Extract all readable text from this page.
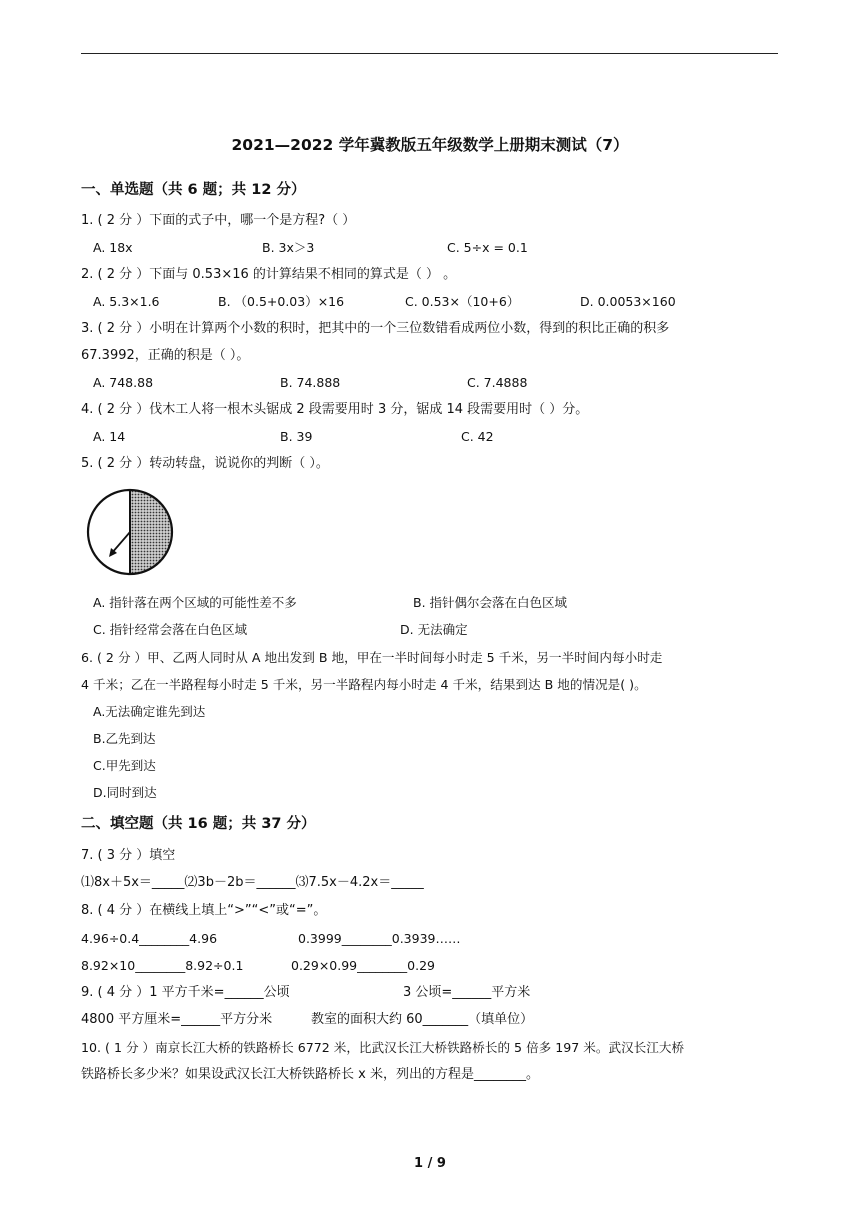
2021—2022 学年冀教版五年级数学上册期末测试（7）
一、单选题（共 6 题；共 12 分）
1. ( 2 分 ）下面的式子中，哪一个是方程?（ ）
A. 18x	B. 3x＞3	C. 5÷x = 0.1
2. ( 2 分 ）下面与 0.53×16 的计算结果不相同的算式是（ ） 。
A. 5.3×1.6	B. （0.5+0.03）×16	C. 0.53×（10+6）	D. 0.0053×160
3. ( 2 分 ）小明在计算两个小数的积时，把其中的一个三位数错看成两位小数，得到的积比正确的积多
67.3992，正确的积是（ ）。
A. 748.88	B. 74.888	C. 7.4888
4. ( 2 分 ）伐木工人将一根木头锯成 2 段需要用时 3 分，锯成 14 段需要用时（ ）分。
A. 14	B. 39	C. 42
5. ( 2 分 ）转动转盘，说说你的判断（ ）。
A. 指针落在两个区域的可能性差不多	B. 指针偶尔会落在白色区域
C. 指针经常会落在白色区域	D. 无法确定
6. ( 2 分 ）甲、乙两人同时从 A 地出发到 B 地，甲在一半时间每小时走 5 千米，另一半时间内每小时走
4 千米；乙在一半路程每小时走 5 千米，另一半路程内每小时走 4 千米，结果到达 B 地的情况是( )。
A.无法确定谁先到达
B.乙先到达
C.甲先到达
D.同时到达
二、填空题（共 16 题；共 37 分）
7. ( 3 分 ）填空
⑴8x＋5x＝_____⑵3b－2b＝______⑶7.5x－4.2x＝_____
8. ( 4 分 ）在横线上填上“>”“<”或“=”。
4.96÷0.4________4.96	0.3999________0.3939……
8.92×10________8.92÷0.1	0.29×0.99________0.29
9. ( 4 分 ）1 平方千米=______公顷	3 公顷=______平方米
4800 平方厘米=______平方分米	教室的面积大约 60_______（填单位）
10. ( 1 分 ）南京长江大桥的铁路桥长 6772 米，比武汉长江大桥铁路桥长的 5 倍多 197 米。武汉长江大桥
铁路桥长多少米？如果设武汉长江大桥铁路桥长 x 米，列出的方程是________。
1 / 9
